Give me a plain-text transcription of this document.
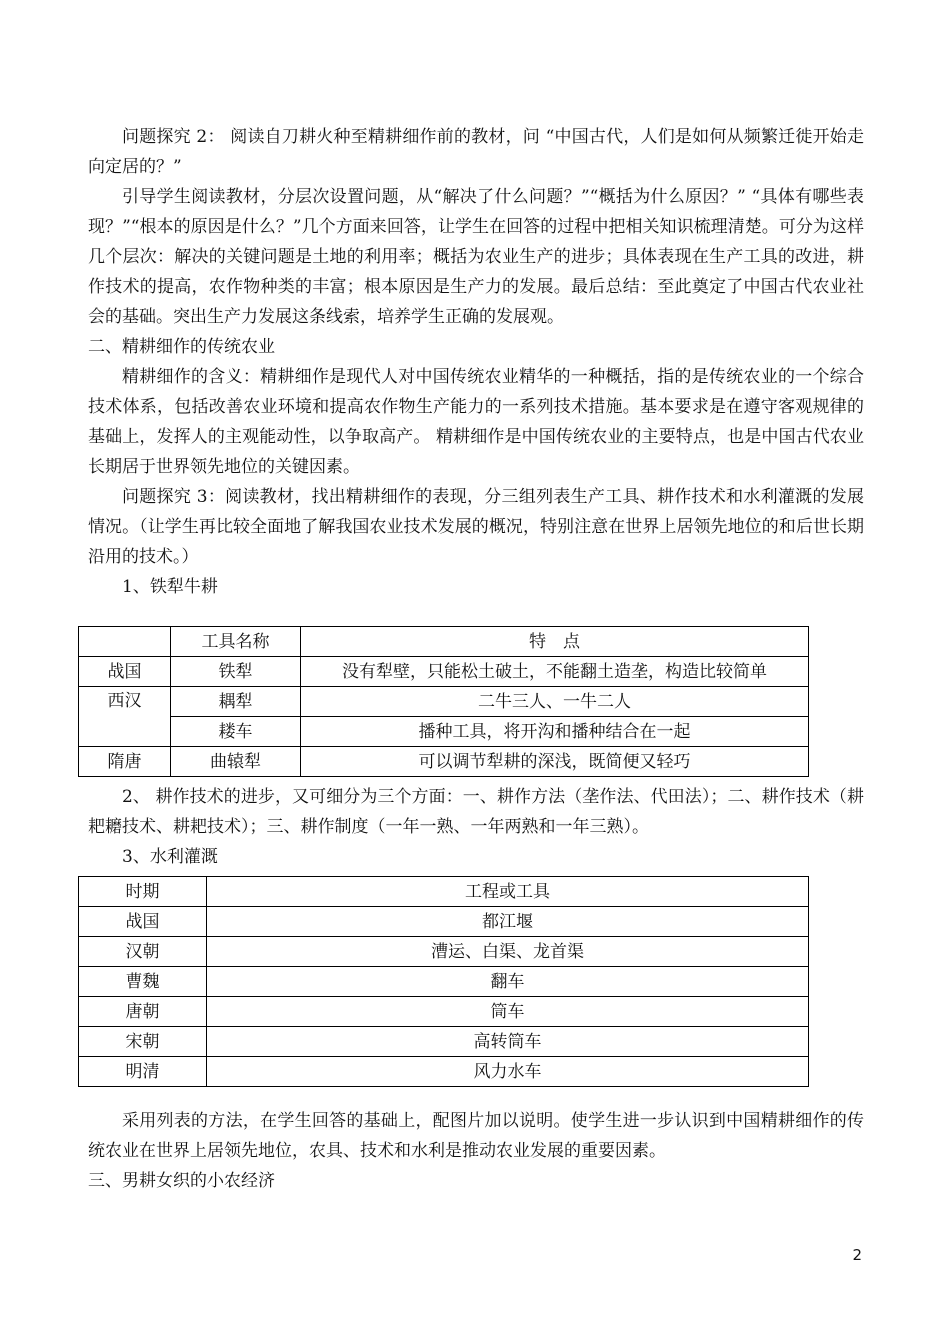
问题探究 2： 阅读自刀耕火种至精耕细作前的教材，问 “中国古代，人们是如何从频繁迁徙开始走向定居的？”

引导学生阅读教材，分层次设置问题，从“解决了什么问题？”“概括为什么原因？” “具体有哪些表现？”“根本的原因是什么？”几个方面来回答，让学生在回答的过程中把相关知识梳理清楚。可分为这样几个层次：解决的关键问题是土地的利用率；概括为农业生产的进步；具体表现在生产工具的改进，耕作技术的提高，农作物种类的丰富；根本原因是生产力的发展。最后总结：至此奠定了中国古代农业社会的基础。突出生产力发展这条线索，培养学生正确的发展观。

二、精耕细作的传统农业

精耕细作的含义：精耕细作是现代人对中国传统农业精华的一种概括，指的是传统农业的一个综合技术体系，包括改善农业环境和提高农作物生产能力的一系列技术措施。基本要求是在遵守客观规律的基础上，发挥人的主观能动性，以争取高产。 精耕细作是中国传统农业的主要特点，也是中国古代农业长期居于世界领先地位的关键因素。

问题探究 3：阅读教材，找出精耕细作的表现，分三组列表生产工具、耕作技术和水利灌溉的发展情况。（让学生再比较全面地了解我国农业技术发展的概况，特别注意在世界上居领先地位的和后世长期沿用的技术。）

1、铁犁牛耕

	工具名称	特　点
战国	铁犁	没有犁壁，只能松土破土，不能翻土造垄，构造比较简单
西汉	耦犁	二牛三人、一牛二人
	耧车	播种工具，将开沟和播种结合在一起
隋唐	曲辕犁	可以调节犁耕的深浅，既简便又轻巧

2、 耕作技术的进步，又可细分为三个方面：一、耕作方法（垄作法、代田法）；二、耕作技术（耕耙耱技术、耕耙技术）；三、耕作制度（一年一熟、一年两熟和一年三熟）。

3、水利灌溉

时期	工程或工具
战国	都江堰
汉朝	漕运、白渠、龙首渠
曹魏	翻车
唐朝	筒车
宋朝	高转筒车
明清	风力水车

采用列表的方法，在学生回答的基础上，配图片加以说明。使学生进一步认识到中国精耕细作的传统农业在世界上居领先地位，农具、技术和水利是推动农业发展的重要因素。

三、男耕女织的小农经济

2
